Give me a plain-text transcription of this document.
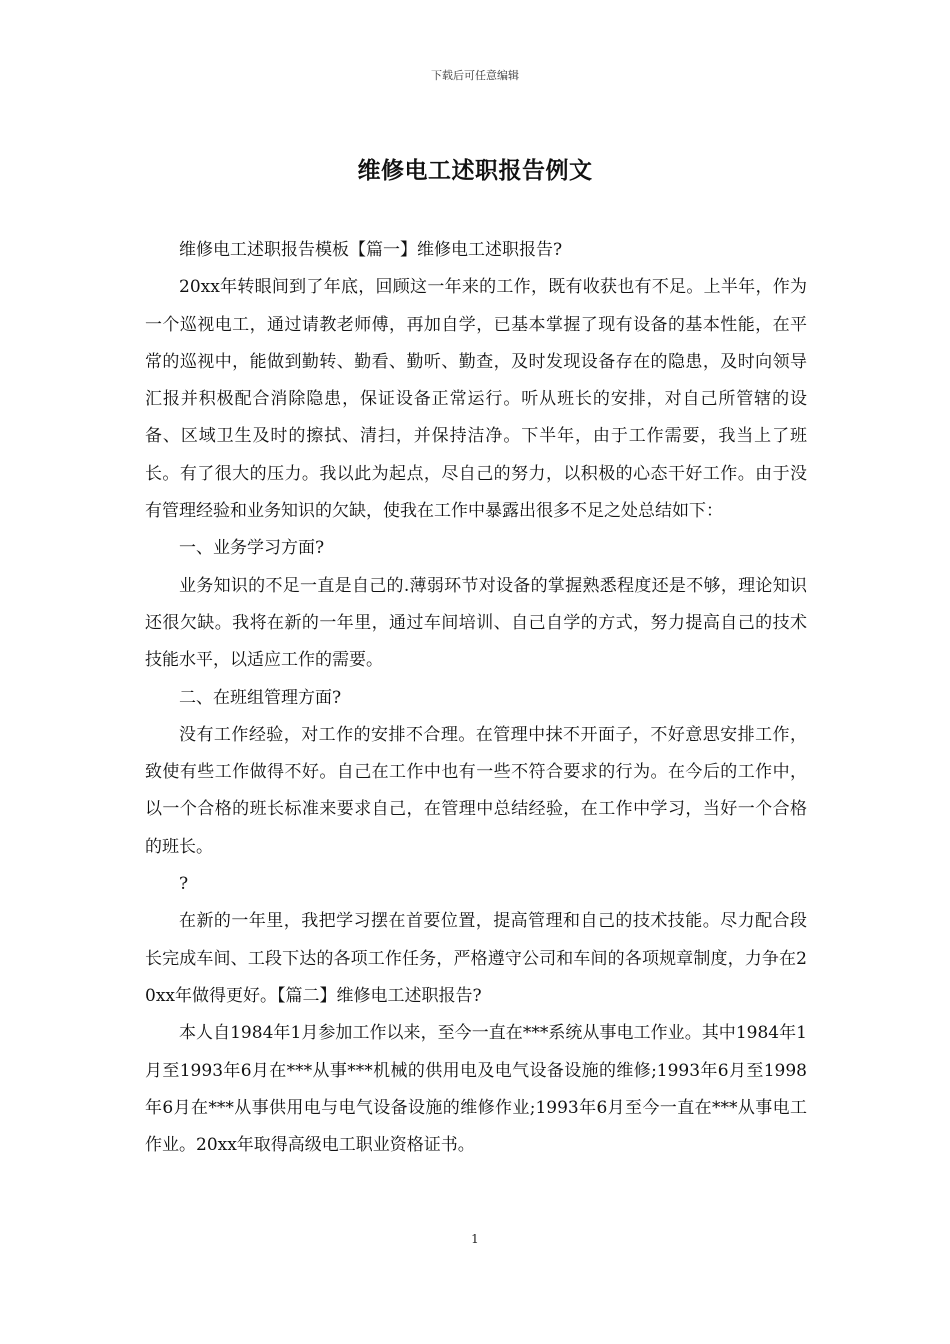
下载后可任意编辑
维修电工述职报告例文

维修电工述职报告模板【篇一】维修电工述职报告?

20xx年转眼间到了年底，回顾这一年来的工作，既有收获也有不足。上半年，作为一个巡视电工，通过请教老师傅，再加自学，已基本掌握了现有设备的基本性能，在平常的巡视中，能做到勤转、勤看、勤听、勤查，及时发现设备存在的隐患，及时向领导汇报并积极配合消除隐患，保证设备正常运行。听从班长的安排，对自己所管辖的设备、区域卫生及时的擦拭、清扫，并保持洁净。下半年，由于工作需要，我当上了班长。有了很大的压力。我以此为起点，尽自己的努力，以积极的心态干好工作。由于没有管理经验和业务知识的欠缺，使我在工作中暴露出很多不足之处总结如下：

一、业务学习方面?

业务知识的不足一直是自己的.薄弱环节对设备的掌握熟悉程度还是不够，理论知识还很欠缺。我将在新的一年里，通过车间培训、自己自学的方式，努力提高自己的技术技能水平，以适应工作的需要。

二、在班组管理方面?

没有工作经验，对工作的安排不合理。在管理中抹不开面子，不好意思安排工作，致使有些工作做得不好。自己在工作中也有一些不符合要求的行为。在今后的工作中，以一个合格的班长标准来要求自己，在管理中总结经验，在工作中学习，当好一个合格的班长。

?

在新的一年里，我把学习摆在首要位置，提高管理和自己的技术技能。尽力配合段长完成车间、工段下达的各项工作任务，严格遵守公司和车间的各项规章制度，力争在20xx年做得更好。【篇二】维修电工述职报告?

本人自1984年1月参加工作以来，至今一直在***系统从事电工作业。其中1984年1月至1993年6月在***从事***机械的供用电及电气设备设施的维修;1993年6月至1998年6月在***从事供用电与电气设备设施的维修作业;1993年6月至今一直在***从事电工作业。20xx年取得高级电工职业资格证书。

1
